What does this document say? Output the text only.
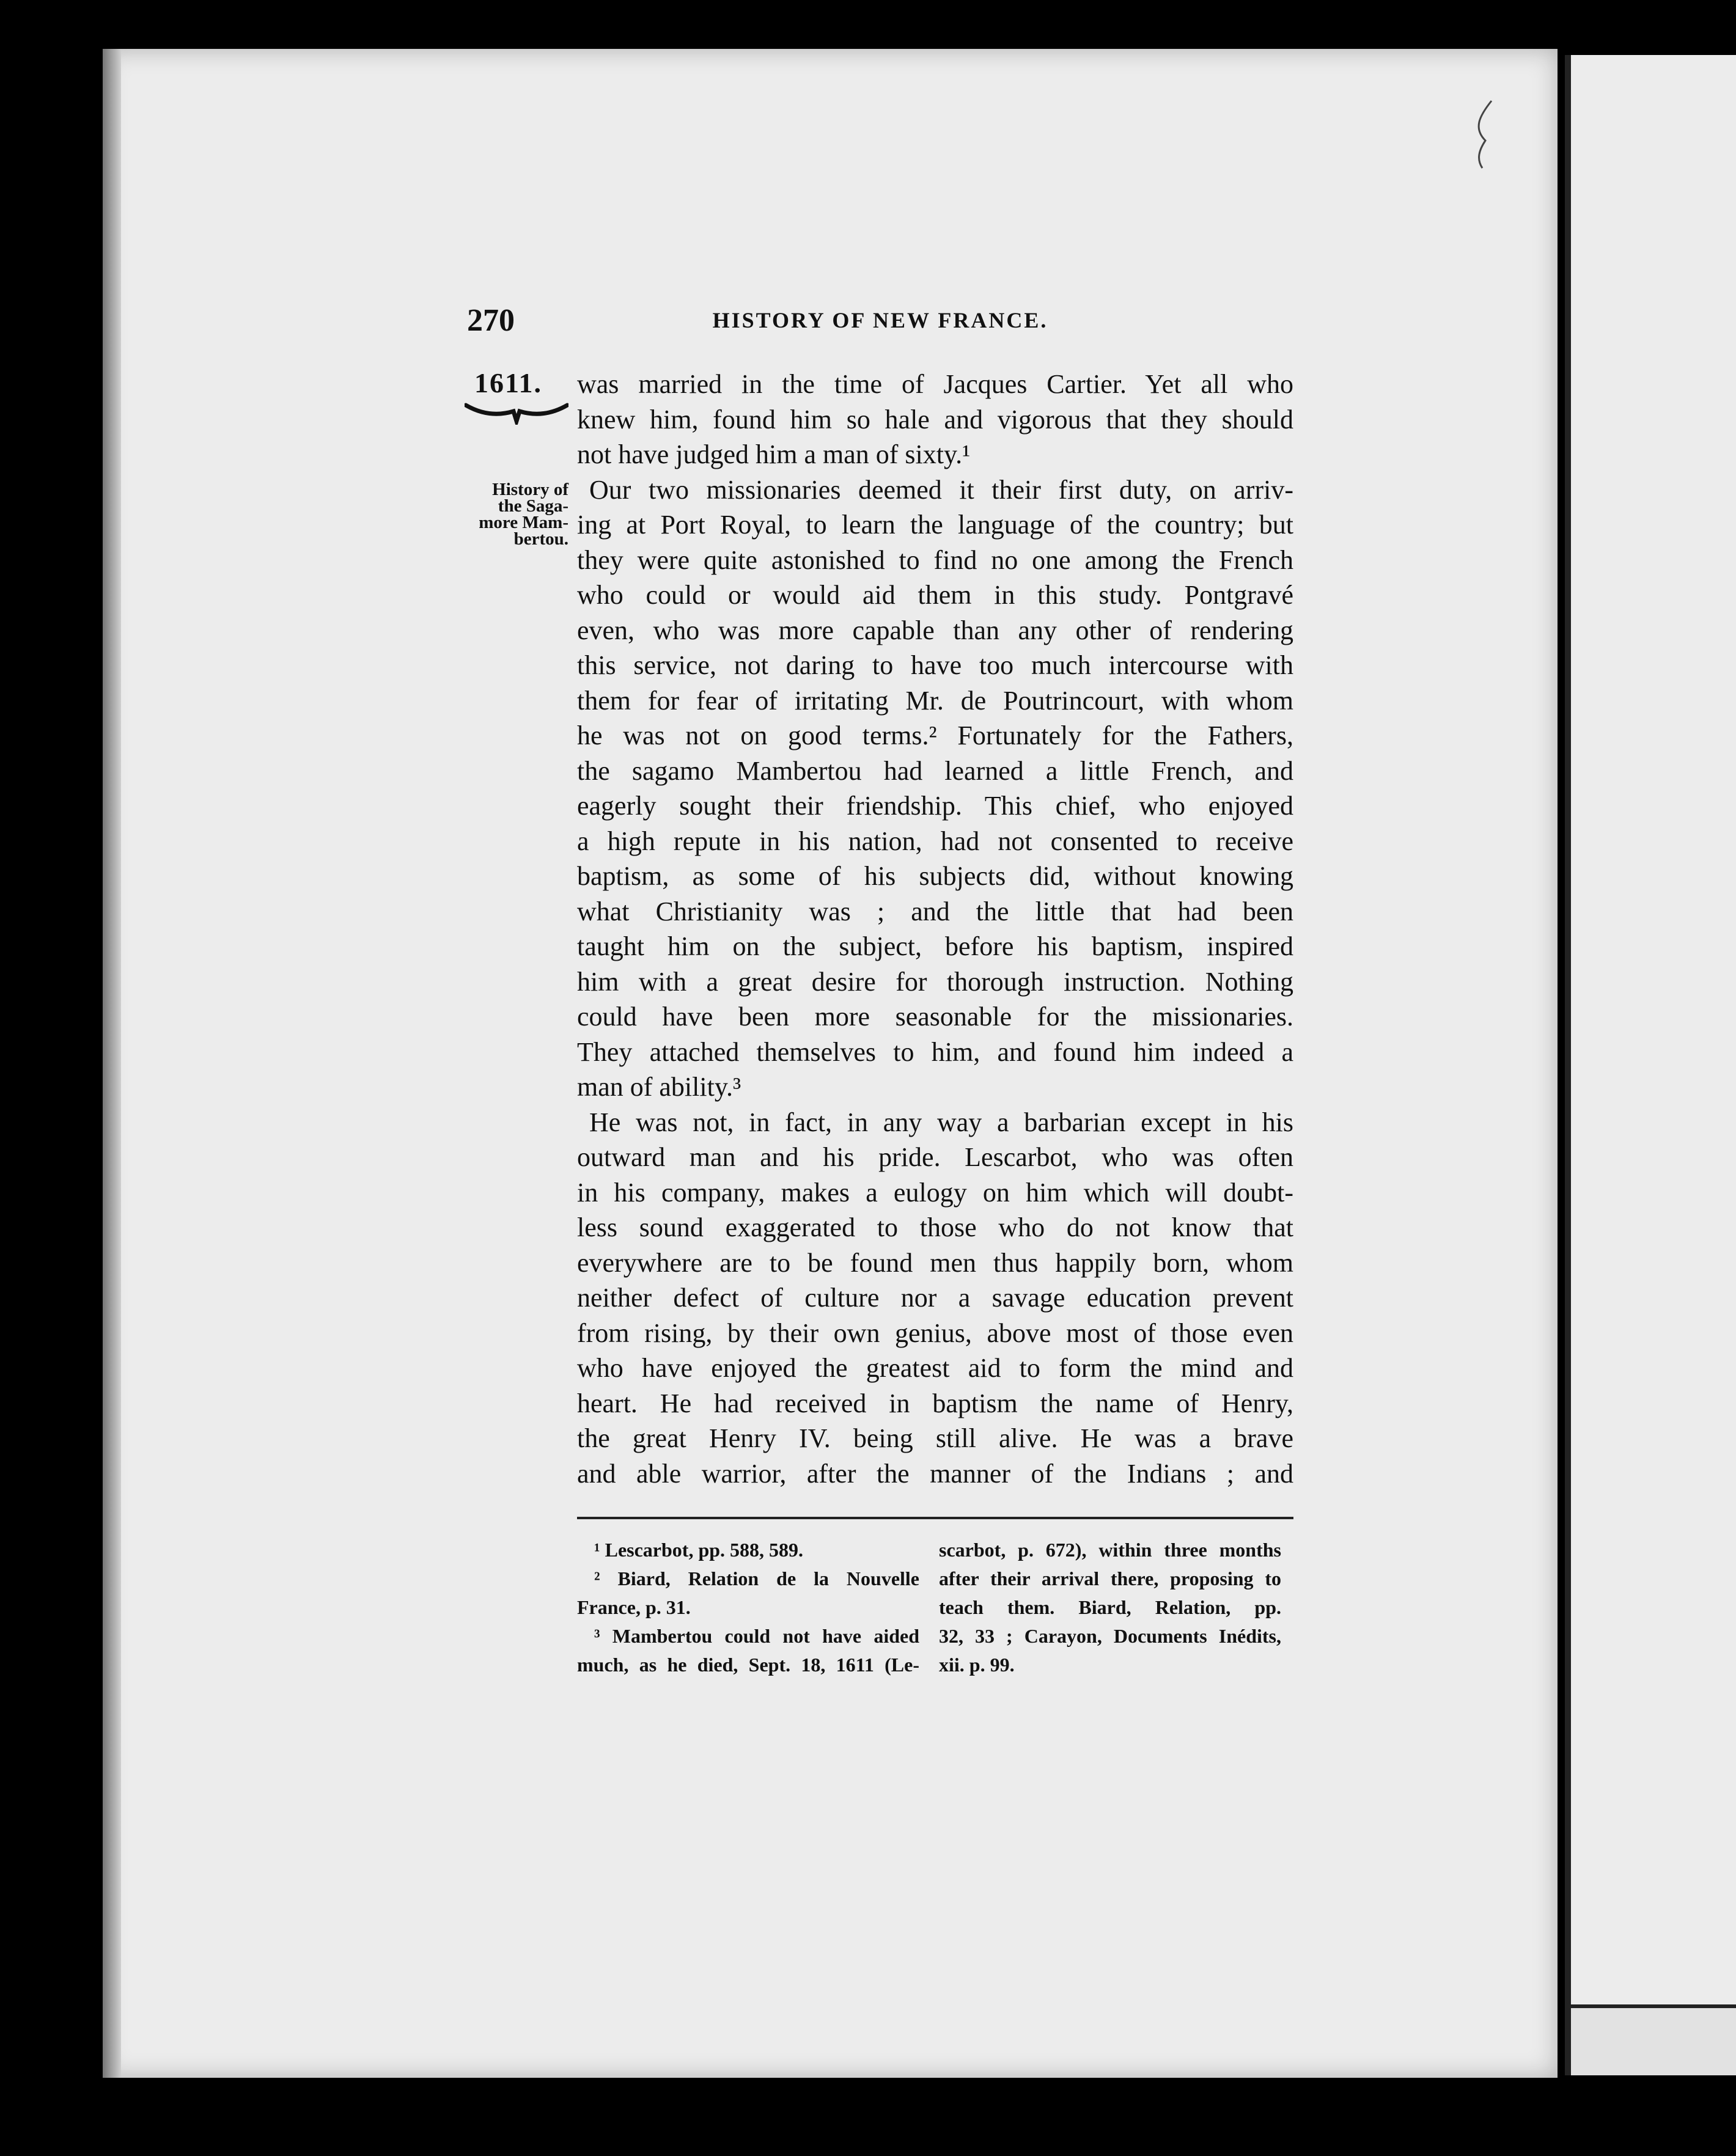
270	HISTORY OF NEW FRANCE.
1611.
History of
the Saga-
more Mam-
bertou.
was married in the time of Jacques Cartier. Yet all who
knew him, found him so hale and vigorous that they should
not have judged him a man of sixty.¹
Our two missionaries deemed it their first duty, on arriv-
ing at Port Royal, to learn the language of the country; but
they were quite astonished to find no one among the French
who could or would aid them in this study. Pontgravé
even, who was more capable than any other of rendering
this service, not daring to have too much intercourse with
them for fear of irritating Mr. de Poutrincourt, with whom
he was not on good terms.² Fortunately for the Fathers,
the sagamo Mambertou had learned a little French, and
eagerly sought their friendship. This chief, who enjoyed
a high repute in his nation, had not consented to receive
baptism, as some of his subjects did, without knowing
what Christianity was ; and the little that had been
taught him on the subject, before his baptism, inspired
him with a great desire for thorough instruction. Nothing
could have been more seasonable for the missionaries.
They attached themselves to him, and found him indeed a
man of ability.³
He was not, in fact, in any way a barbarian except in his
outward man and his pride. Lescarbot, who was often
in his company, makes a eulogy on him which will doubt-
less sound exaggerated to those who do not know that
everywhere are to be found men thus happily born, whom
neither defect of culture nor a savage education prevent
from rising, by their own genius, above most of those even
who have enjoyed the greatest aid to form the mind and
heart. He had received in baptism the name of Henry,
the great Henry IV. being still alive. He was a brave
and able warrior, after the manner of the Indians ; and
¹ Lescarbot, pp. 588, 589.
² Biard, Relation de la Nouvelle
France, p. 31.
³ Mambertou could not have aided
much, as he died, Sept. 18, 1611 (Le-
scarbot, p. 672), within three months
after their arrival there, proposing to
teach them. Biard, Relation, pp.
32, 33 ; Carayon, Documents Inédits,
xii. p. 99.
